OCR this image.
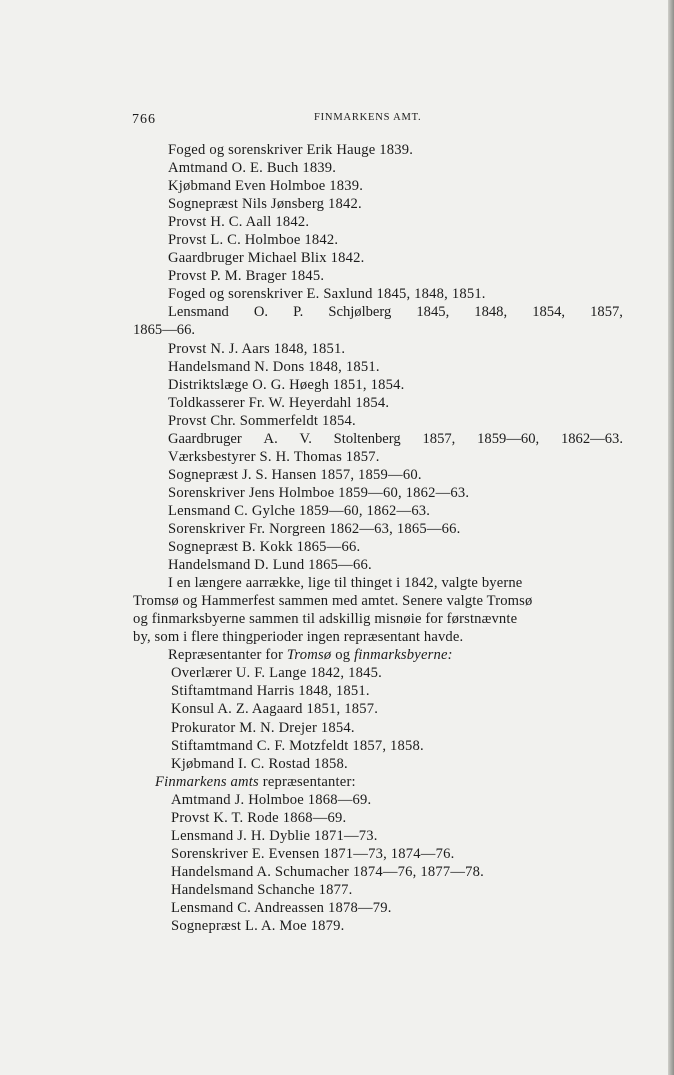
766	FINMARKENS AMT.
Foged og sorenskriver Erik Hauge 1839.
Amtmand O. E. Buch 1839.
Kjøbmand Even Holmboe 1839.
Sognepræst Nils Jønsberg 1842.
Provst H. C. Aall 1842.
Provst L. C. Holmboe 1842.
Gaardbruger Michael Blix 1842.
Provst P. M. Brager 1845.
Foged og sorenskriver E. Saxlund 1845, 1848, 1851.
Lensmand O. P. Schjølberg 1845, 1848, 1854, 1857,
1865—66.
Provst N. J. Aars 1848, 1851.
Handelsmand N. Dons 1848, 1851.
Distriktslæge O. G. Høegh 1851, 1854.
Toldkasserer Fr. W. Heyerdahl 1854.
Provst Chr. Sommerfeldt 1854.
Gaardbruger A. V. Stoltenberg 1857, 1859—60, 1862—63.
Værksbestyrer S. H. Thomas 1857.
Sognepræst J. S. Hansen 1857, 1859—60.
Sorenskriver Jens Holmboe 1859—60, 1862—63.
Lensmand C. Gylche 1859—60, 1862—63.
Sorenskriver Fr. Norgreen 1862—63, 1865—66.
Sognepræst B. Kokk 1865—66.
Handelsmand D. Lund 1865—66.
I en længere aarrække, lige til thinget i 1842, valgte byerne
Tromsø og Hammerfest sammen med amtet. Senere valgte Tromsø
og finmarksbyerne sammen til adskillig misnøie for førstnævnte
by, som i flere thingperioder ingen repræsentant havde.
Repræsentanter for Tromsø og finmarksbyerne:
Overlærer U. F. Lange 1842, 1845.
Stiftamtmand Harris 1848, 1851.
Konsul A. Z. Aagaard 1851, 1857.
Prokurator M. N. Drejer 1854.
Stiftamtmand C. F. Motzfeldt 1857, 1858.
Kjøbmand I. C. Rostad 1858.
Finmarkens amts repræsentanter:
Amtmand J. Holmboe 1868—69.
Provst K. T. Rode 1868—69.
Lensmand J. H. Dyblie 1871—73.
Sorenskriver E. Evensen 1871—73, 1874—76.
Handelsmand A. Schumacher 1874—76, 1877—78.
Handelsmand Schanche 1877.
Lensmand C. Andreassen 1878—79.
Sognepræst L. A. Moe 1879.
